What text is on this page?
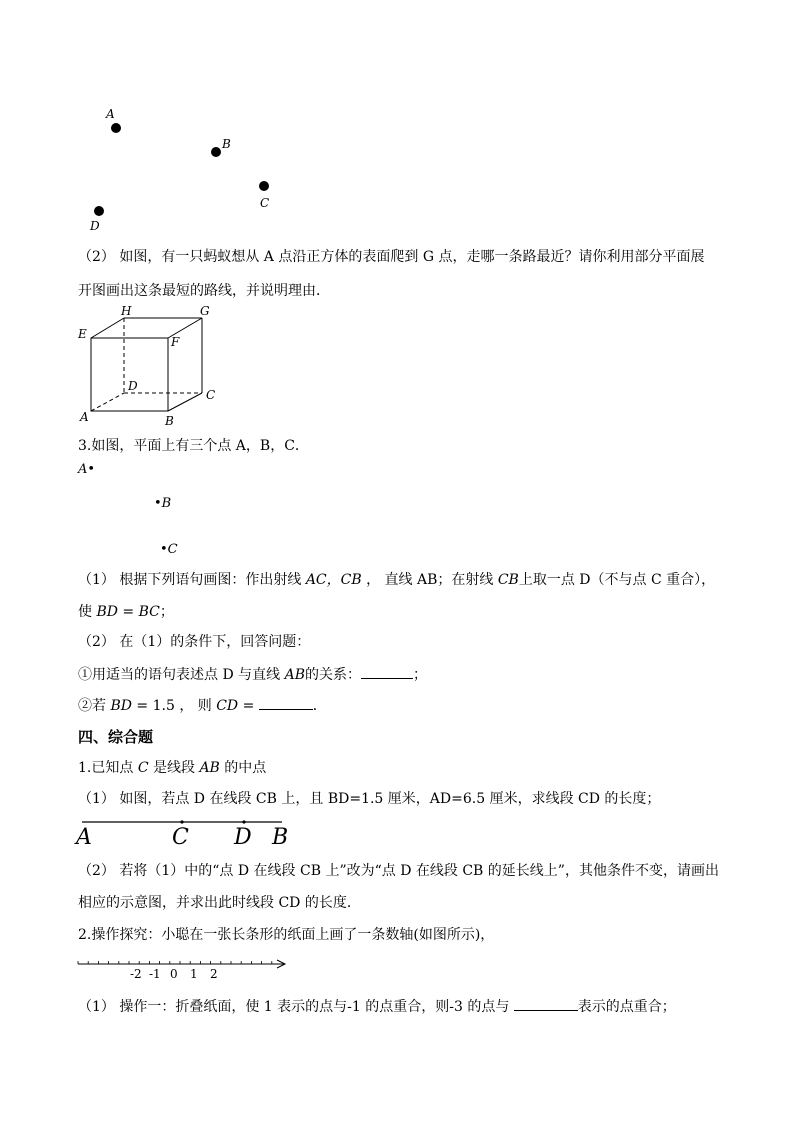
A
B
C
D
（2） 如图，有一只蚂蚁想从 A 点沿正方体的表面爬到 G 点，走哪一条路最近？请你利用部分平面展
开图画出这条最短的路线，并说明理由．
E
H	G
F
D
C
A	B
3.如图，平面上有三个点 A，B，C．
A•
•B
•C
（1） 根据下列语句画图：作出射线 AC，CB ， 直线 AB；在射线 CB上取一点 D（不与点 C 重合），
使 BD = BC；
（2） 在（1）的条件下，回答问题：
①用适当的语句表述点 D 与直线 AB的关系：	；
②若 BD = 1.5 ， 则 CD =	．
四、综合题
1.已知点 C 是线段 AB 的中点
（1） 如图，若点 D 在线段 CB 上，且 BD=1.5 厘米，AD=6.5 厘米，求线段 CD 的长度；
A	C D B
（2） 若将（1）中的“点 D 在线段 CB 上”改为“点 D 在线段 CB 的延长线上”，其他条件不变，请画出
相应的示意图，并求出此时线段 CD 的长度．
2.操作探究：小聪在一张长条形的纸面上画了一条数轴(如图所示)，
-2 -1 0 1 2
（1） 操作一：折叠纸面，使 1 表示的点与-1 的点重合，则-3 的点与	表示的点重合；
